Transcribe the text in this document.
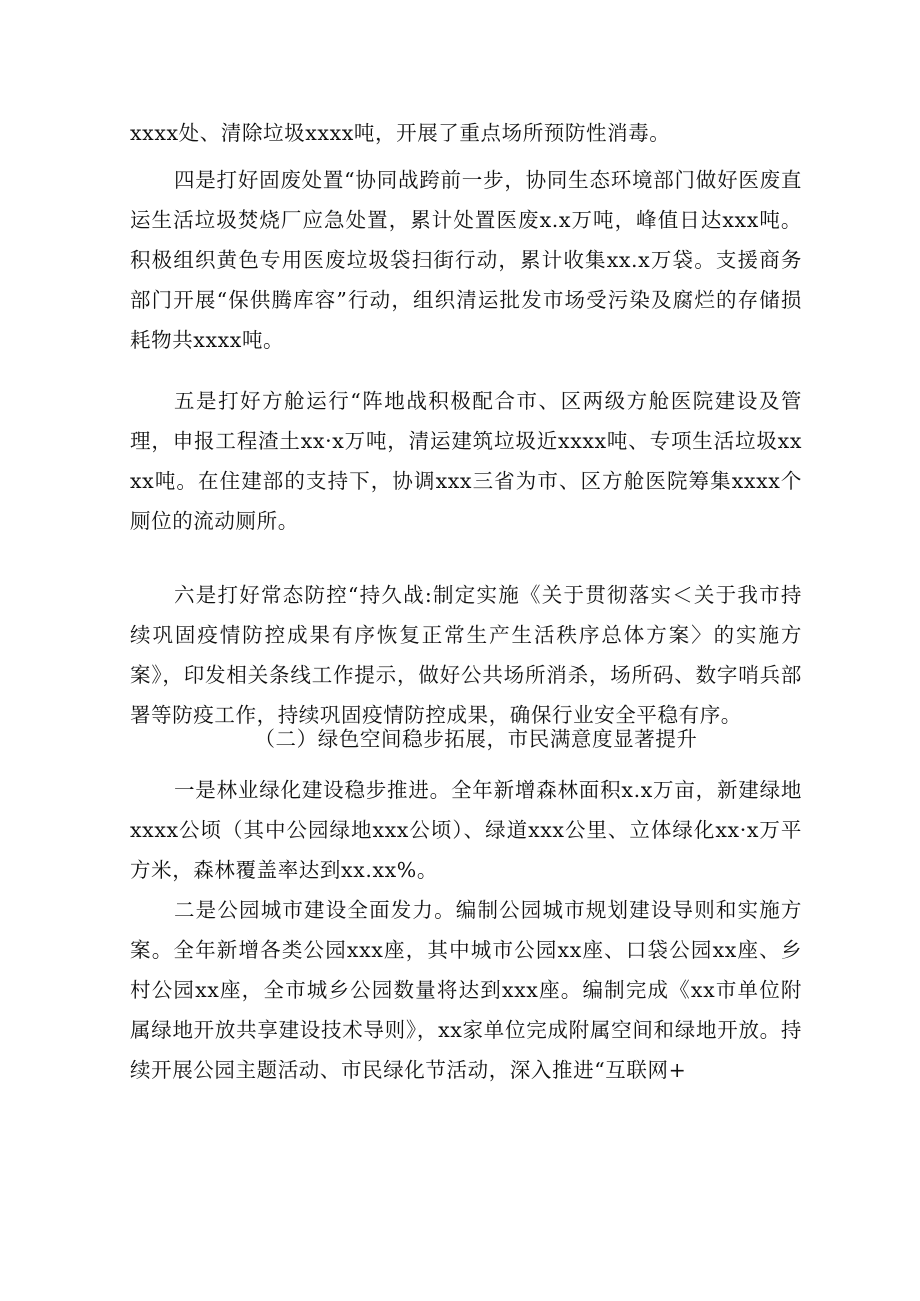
xxxx处、清除垃圾xxxx吨，开展了重点场所预防性消毒。

四是打好固废处置“协同战跨前一步，协同生态环境部门做好医废直运生活垃圾焚烧厂应急处置，累计处置医废x.x万吨，峰值日达xxx吨。积极组织黄色专用医废垃圾袋扫街行动，累计收集xx.x万袋。支援商务部门开展“保供腾库容”行动，组织清运批发市场受污染及腐烂的存储损耗物共xxxx吨。

五是打好方舱运行“阵地战积极配合市、区两级方舱医院建设及管理，申报工程渣土xx·x万吨，清运建筑垃圾近xxxx吨、专项生活垃圾xxxx吨。在住建部的支持下，协调xxx三省为市、区方舱医院筹集xxxx个厕位的流动厕所。

六是打好常态防控“持久战:制定实施《关于贯彻落实＜关于我市持续巩固疫情防控成果有序恢复正常生产生活秩序总体方案〉的实施方案》，印发相关条线工作提示，做好公共场所消杀，场所码、数字哨兵部署等防疫工作，持续巩固疫情防控成果，确保行业安全平稳有序。

（二）绿色空间稳步拓展，市民满意度显著提升

一是林业绿化建设稳步推进。全年新增森林面积x.x万亩，新建绿地xxxx公顷（其中公园绿地xxx公顷）、绿道xxx公里、立体绿化xx·x万平方米，森林覆盖率达到xx.xx%。

二是公园城市建设全面发力。编制公园城市规划建设导则和实施方案。全年新增各类公园xxx座，其中城市公园xx座、口袋公园xx座、乡村公园xx座，全市城乡公园数量将达到xxx座。编制完成《xx市单位附属绿地开放共享建设技术导则》，xx家单位完成附属空间和绿地开放。持续开展公园主题活动、市民绿化节活动，深入推进“互联网+
